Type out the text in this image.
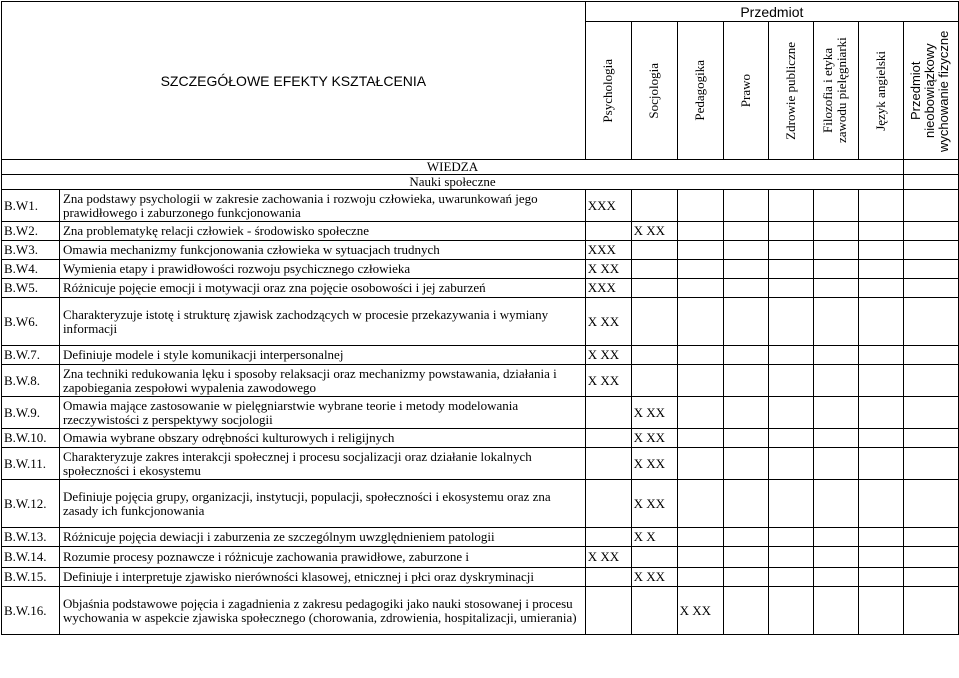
SZCZEGÓŁOWE EFEKTY KSZTAŁCENIA		Przedmiot							

		Psychologia	Socjologia	Pedagogika	Prawo	Zdrowie publiczne	Filozofia i etyka zawodu pielęgniarki	Język angielski	Przedmiot nieobowiązkowy wychowanie fizyczne

WIEDZA									
Nauki społeczne									
B.W1.	Zna podstawy psychologii w zakresie zachowania i rozwoju człowieka, uwarunkowań jego prawidłowego i zaburzonego funkcjonowania	XXX							
B.W2.	Zna problematykę relacji człowiek - środowisko społeczne		X XX						
B.W3.	Omawia mechanizmy funkcjonowania człowieka w sytuacjach trudnych	XXX							
B.W4.	Wymienia etapy i prawidłowości rozwoju psychicznego człowieka	X XX							
B.W5.	Różnicuje pojęcie emocji i motywacji oraz zna pojęcie osobowości i jej zaburzeń	XXX							
B.W6.	Charakteryzuje istotę i strukturę zjawisk zachodzących w procesie przekazywania i wymiany informacji	X XX							
B.W.7.	Definiuje modele i style komunikacji interpersonalnej	X XX							
B.W.8.	Zna techniki redukowania lęku i sposoby relaksacji oraz mechanizmy powstawania, działania i zapobiegania zespołowi wypalenia zawodowego	X XX							
B.W.9.	Omawia mające zastosowanie w pielęgniarstwie wybrane teorie i metody modelowania rzeczywistości z perspektywy socjologii		X XX						
B.W.10.	Omawia wybrane obszary odrębności kulturowych i religijnych		X XX						
B.W.11.	Charakteryzuje zakres interakcji społecznej i procesu socjalizacji oraz działanie lokalnych społeczności i ekosystemu		X XX						
B.W.12.	Definiuje pojęcia grupy, organizacji, instytucji, populacji, społeczności i ekosystemu oraz zna zasady ich funkcjonowania		X XX						
B.W.13.	Różnicuje pojęcia dewiacji i zaburzenia ze szczególnym uwzględnieniem patologii		X X						
B.W.14.	Rozumie procesy poznawcze i różnicuje zachowania prawidłowe, zaburzone i	X XX							
B.W.15.	Definiuje i interpretuje zjawisko nierówności klasowej, etnicznej i płci oraz dyskryminacji		X XX						
B.W.16.	Objaśnia podstawowe pojęcia i zagadnienia z zakresu pedagogiki jako nauki stosowanej i procesu wychowania w aspekcie zjawiska społecznego (chorowania, zdrowienia, hospitalizacji, umierania)			X XX					
